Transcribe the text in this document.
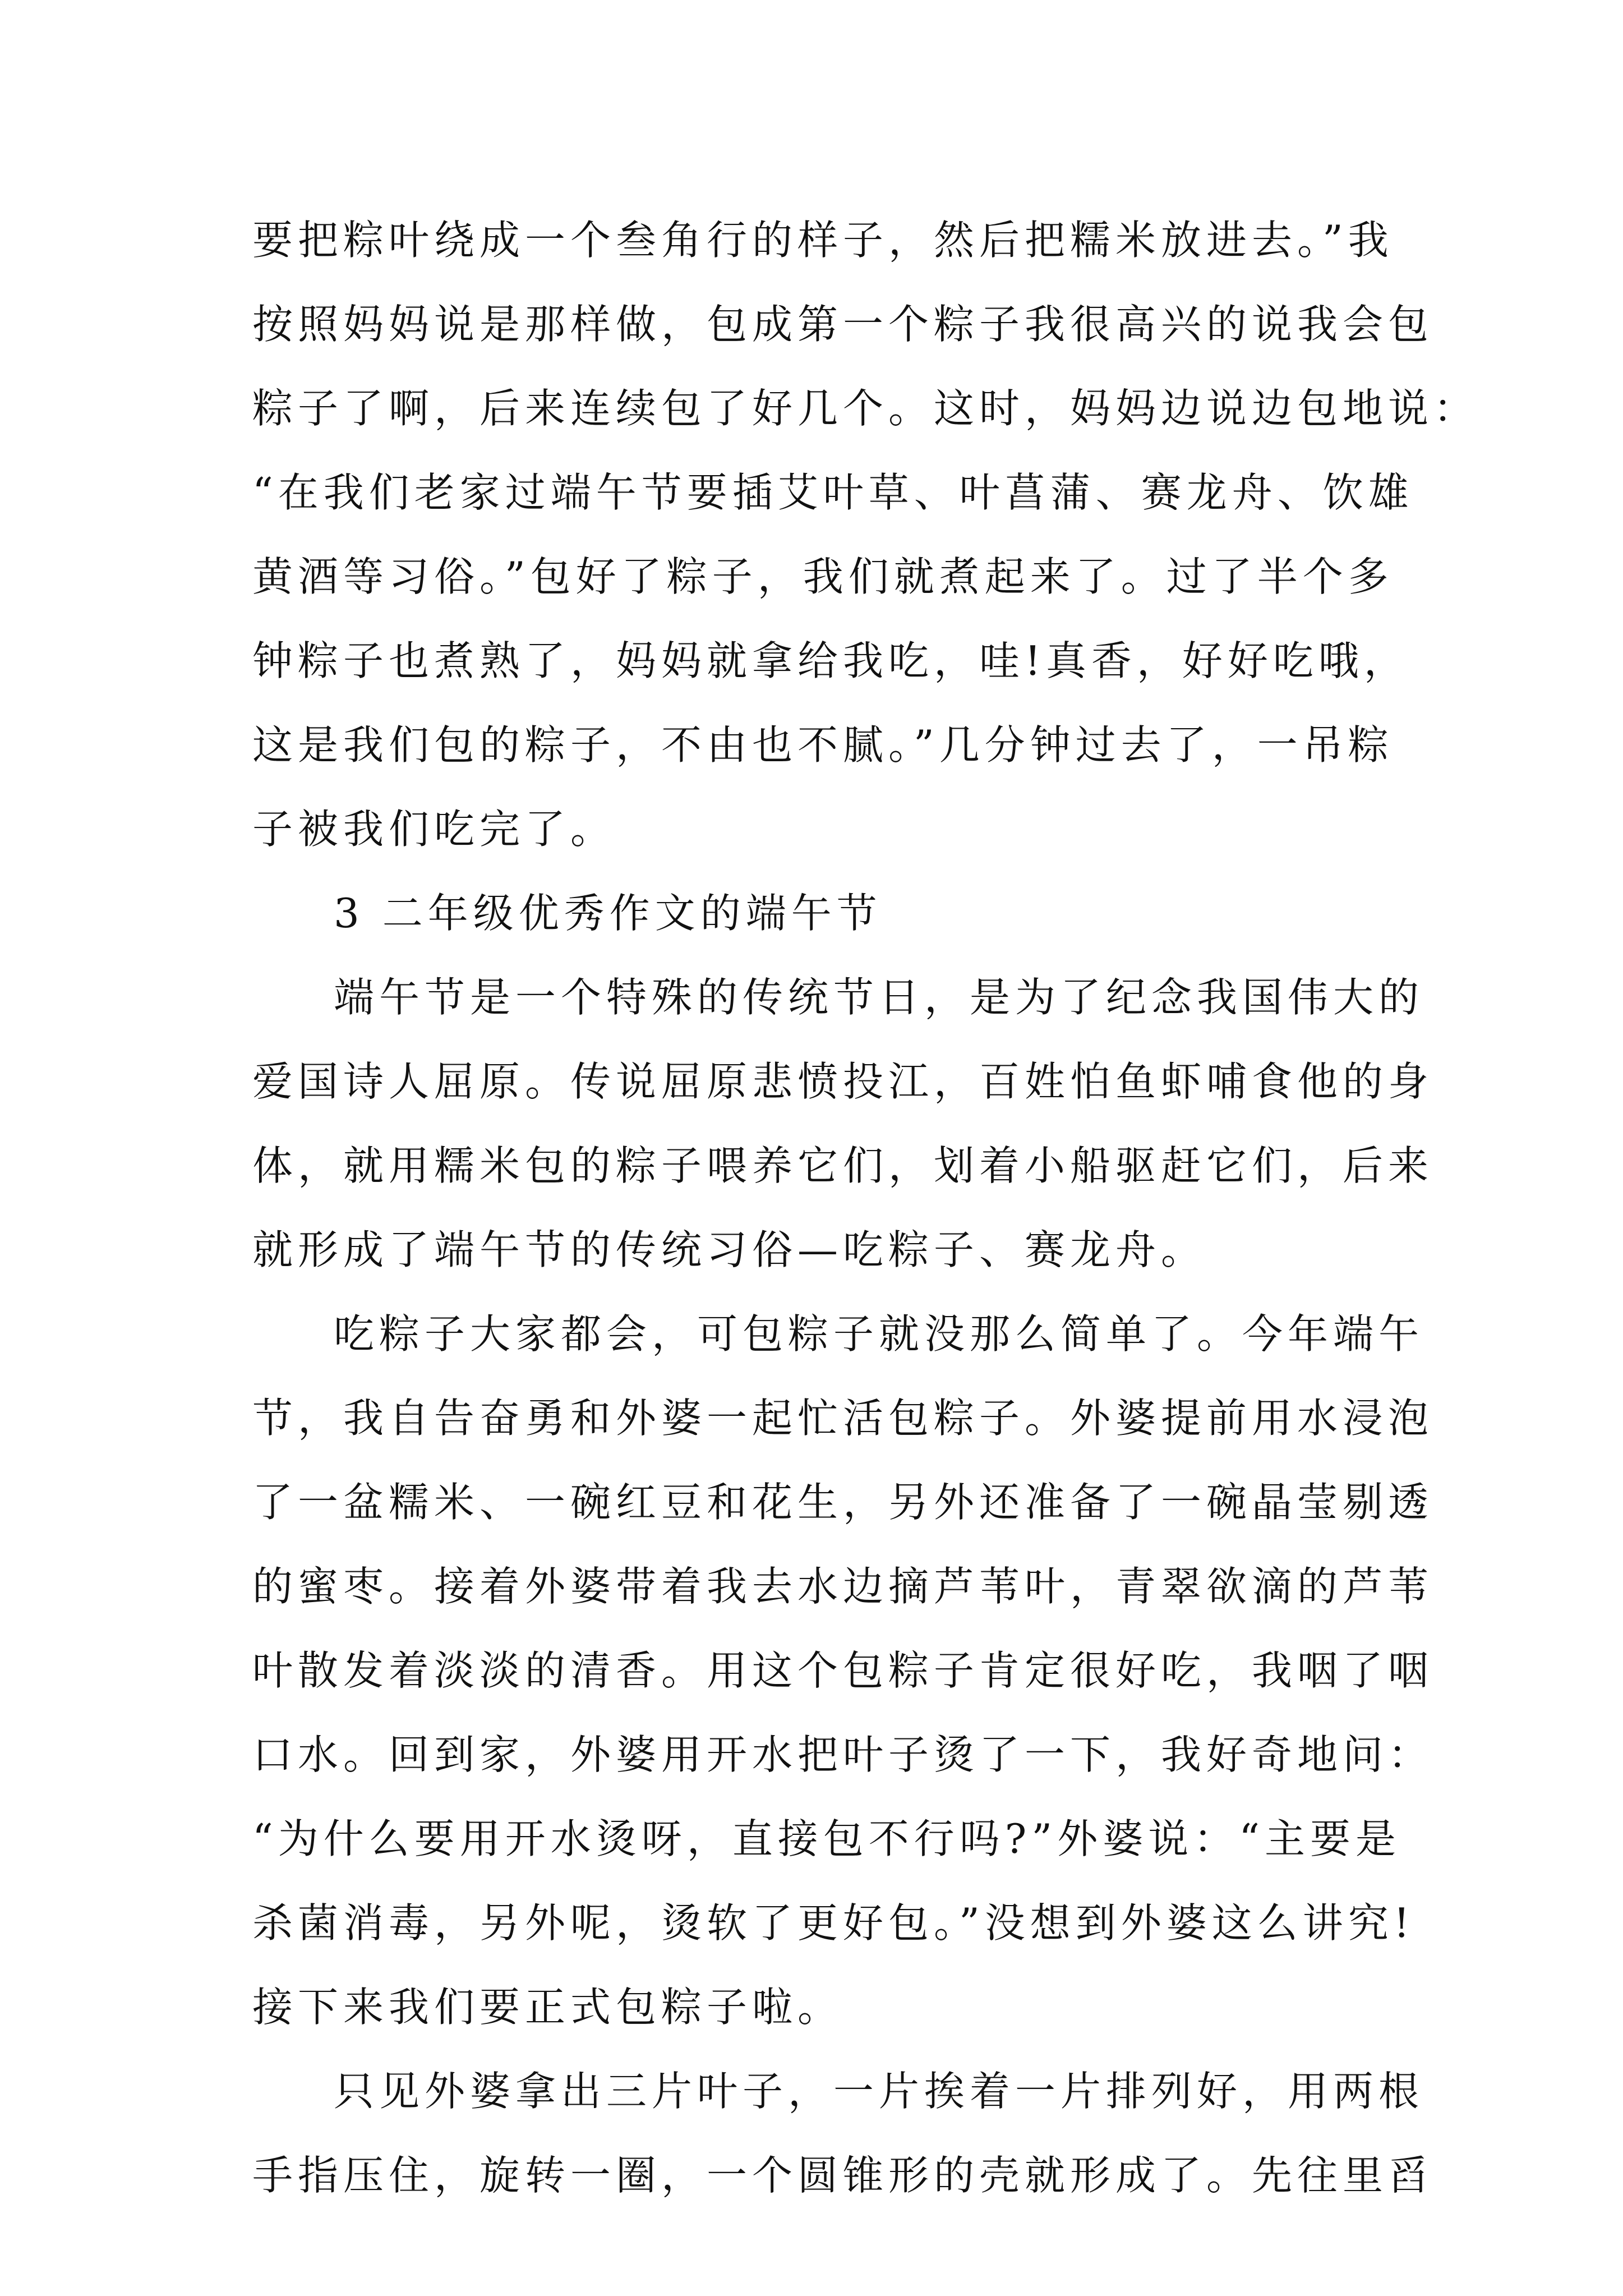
要把粽叶绕成一个叁角行的样子，然后把糯米放进去。”我
按照妈妈说是那样做，包成第一个粽子我很高兴的说我会包
粽子了啊，后来连续包了好几个。这时，妈妈边说边包地说：
“在我们老家过端午节要插艾叶草、叶菖蒲、赛龙舟、饮雄
黄酒等习俗。”包好了粽子，我们就煮起来了。过了半个多
钟粽子也煮熟了，妈妈就拿给我吃，哇!真香，好好吃哦，
这是我们包的粽子，不由也不腻。”几分钟过去了，一吊粽
子被我们吃完了。
3 二年级优秀作文的端午节
端午节是一个特殊的传统节日，是为了纪念我国伟大的
爱国诗人屈原。传说屈原悲愤投江，百姓怕鱼虾哺食他的身
体，就用糯米包的粽子喂养它们，划着小船驱赶它们，后来
就形成了端午节的传统习俗—吃粽子、赛龙舟。
吃粽子大家都会，可包粽子就没那么简单了。今年端午
节，我自告奋勇和外婆一起忙活包粽子。外婆提前用水浸泡
了一盆糯米、一碗红豆和花生，另外还准备了一碗晶莹剔透
的蜜枣。接着外婆带着我去水边摘芦苇叶，青翠欲滴的芦苇
叶散发着淡淡的清香。用这个包粽子肯定很好吃，我咽了咽
口水。回到家，外婆用开水把叶子烫了一下，我好奇地问：
“为什么要用开水烫呀，直接包不行吗?”外婆说：“主要是
杀菌消毒，另外呢，烫软了更好包。”没想到外婆这么讲究!
接下来我们要正式包粽子啦。
只见外婆拿出三片叶子，一片挨着一片排列好，用两根
手指压住，旋转一圈，一个圆锥形的壳就形成了。先往里舀
